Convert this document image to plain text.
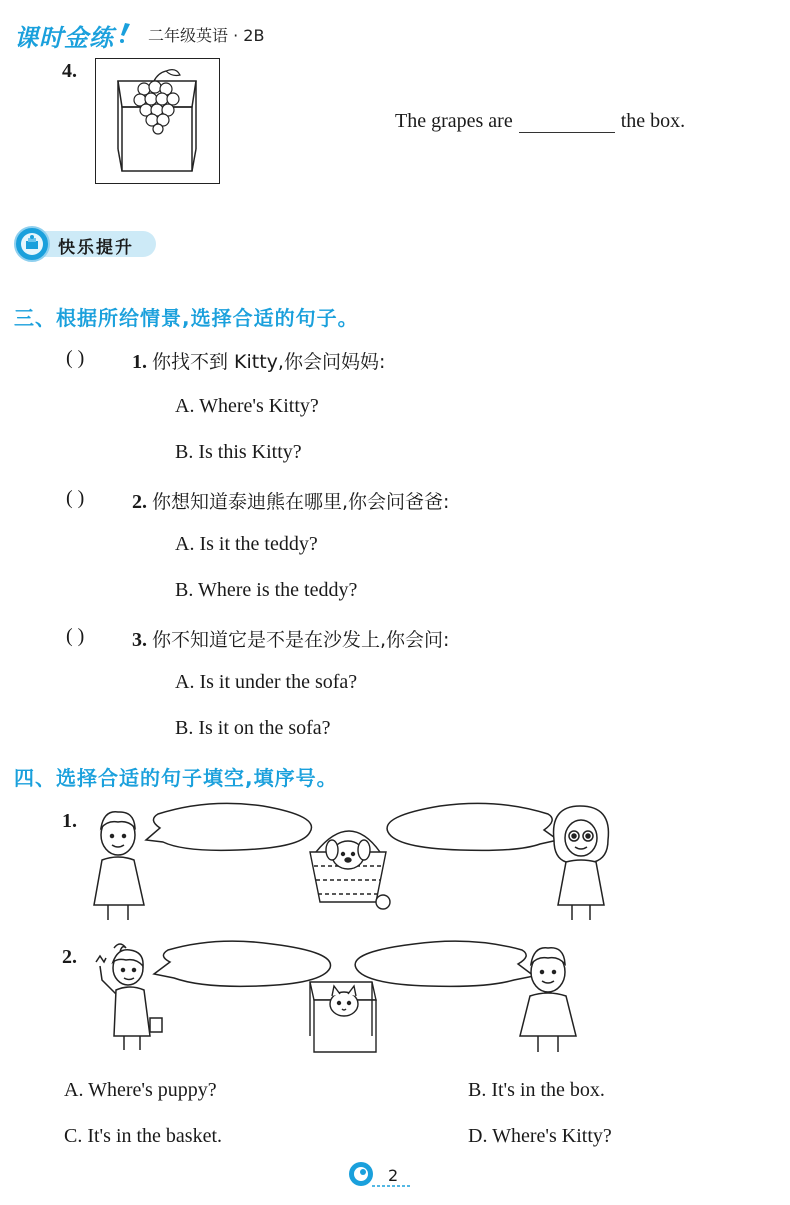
课时金练 二年级英语 · 2B
4.
The grapes are	the box.
快乐提升
三、根据所给情景,选择合适的句子。
( ) 1. 你找不到 Kitty,你会问妈妈:
A. Where's Kitty?
B. Is this Kitty?
( ) 2. 你想知道泰迪熊在哪里,你会问爸爸:
A. Is it the teddy?
B. Where is the teddy?
( ) 3. 你不知道它是不是在沙发上,你会问:
A. Is it under the sofa?
B. Is it on the sofa?
四、选择合适的句子填空,填序号。
1.
2.
A. Where's puppy?	B. It's in the box.
C. It's in the basket.	D. Where's Kitty?
2
